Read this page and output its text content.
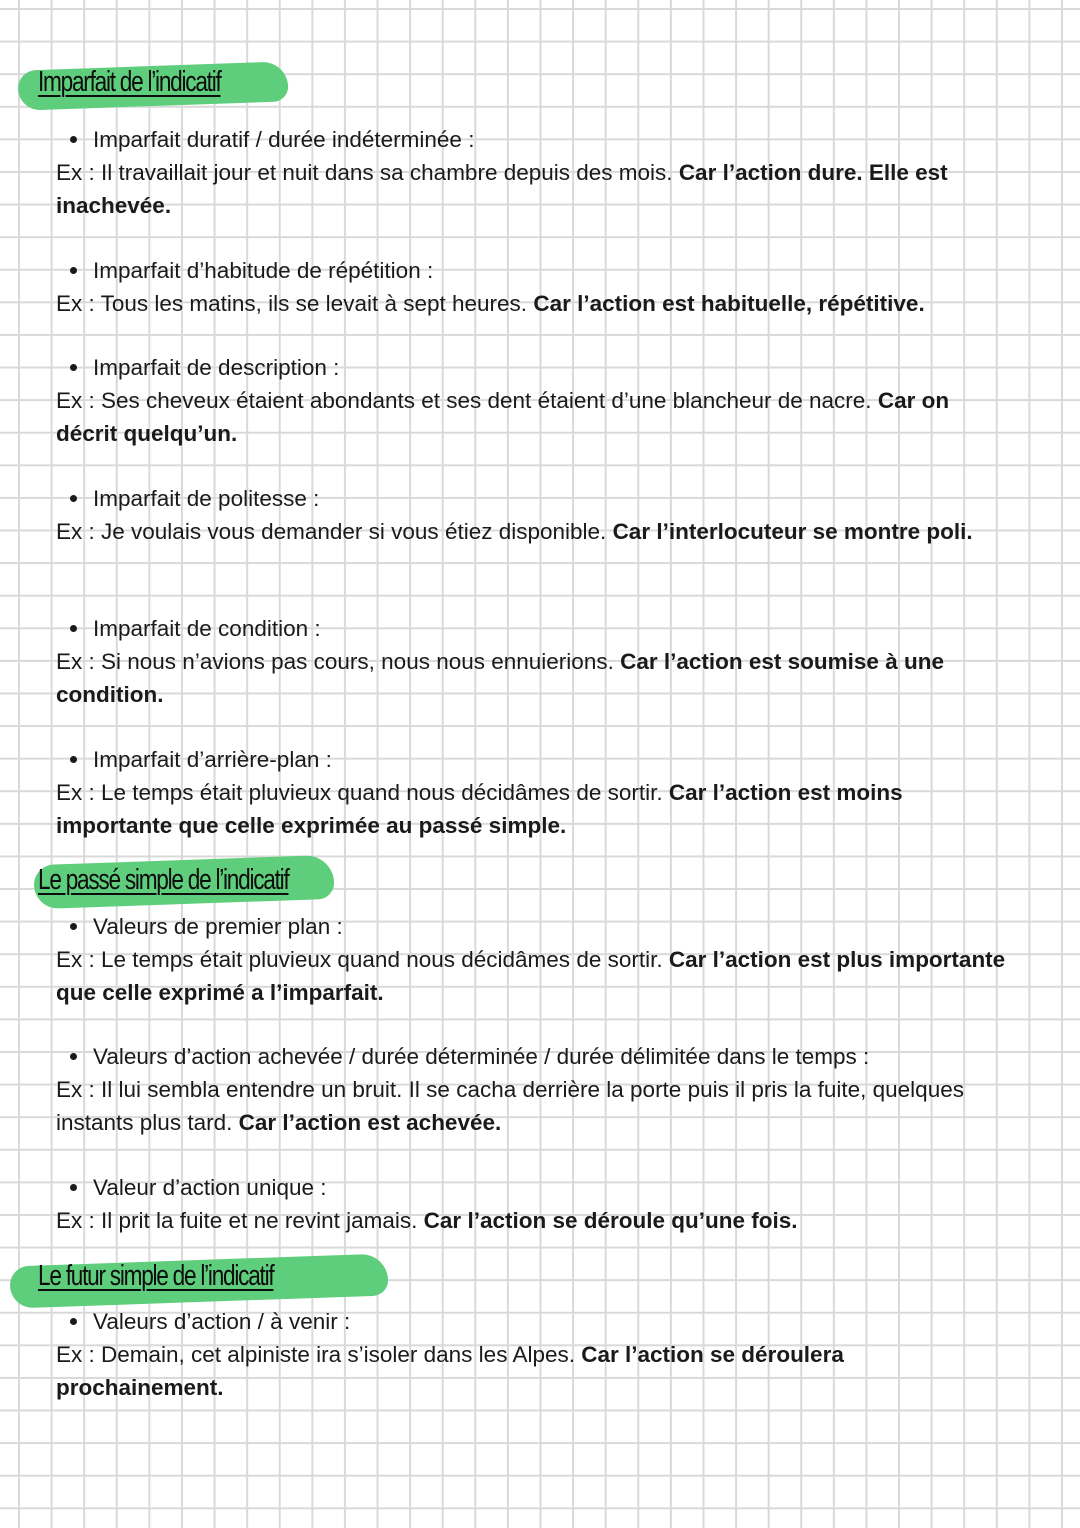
Imparfait de l’indicatif
Imparfait duratif / durée indéterminée :
Ex : Il travaillait jour et nuit dans sa chambre depuis des mois. Car l’action dure. Elle est inachevée.
Imparfait d’habitude de répétition :
Ex : Tous les matins, ils se levait à sept heures. Car l’action est habituelle, répétitive.
Imparfait de description :
Ex : Ses cheveux étaient abondants et ses dent étaient d’une blancheur de nacre. Car on décrit quelqu’un.
Imparfait de politesse :
Ex : Je voulais vous demander si vous étiez disponible. Car l’interlocuteur se montre poli.
Imparfait de condition :
Ex : Si nous n’avions pas cours, nous nous ennuierions. Car l’action est soumise à une condition.
Imparfait d’arrière-plan :
Ex : Le temps était pluvieux quand nous décidâmes de sortir. Car l’action est moins importante que celle exprimée au passé simple.
Le passé simple de l’indicatif
Valeurs de premier plan :
Ex : Le temps était pluvieux quand nous décidâmes de sortir. Car l’action est plus importante que celle exprimé a l’imparfait.
Valeurs d’action achevée / durée déterminée / durée délimitée dans le temps :
Ex : Il lui sembla entendre un bruit. Il se cacha derrière la porte puis il pris la fuite, quelques instants plus tard. Car l’action est achevée.
Valeur d’action unique :
Ex : Il prit la fuite et ne revint jamais. Car l’action se déroule qu’une fois.
Le futur simple de l’indicatif
Valeurs d’action / à venir :
Ex : Demain, cet alpiniste ira s’isoler dans les Alpes. Car l’action se déroulera prochainement.
